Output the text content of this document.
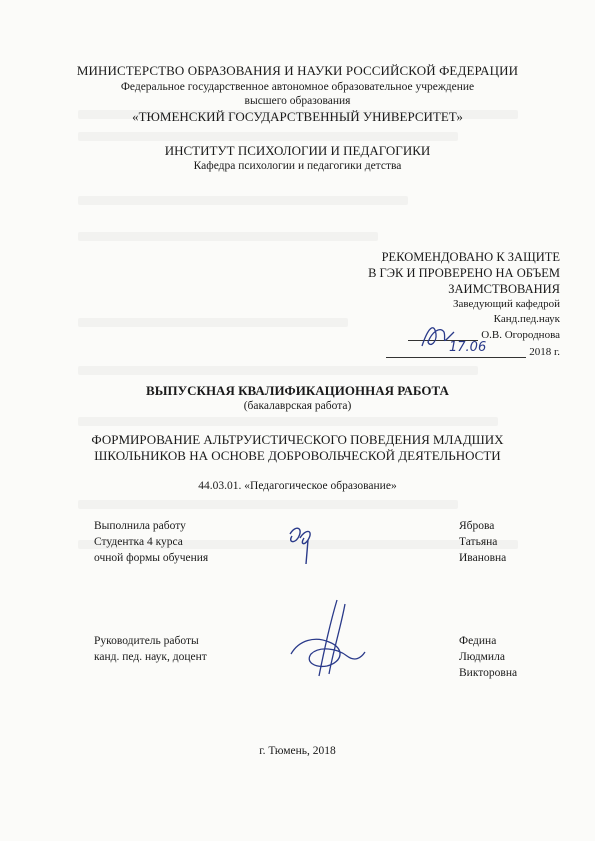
МИНИСТЕРСТВО ОБРАЗОВАНИЯ И НАУКИ РОССИЙСКОЙ ФЕДЕРАЦИИ
Федеральное государственное автономное образовательное учреждение
высшего образования
«ТЮМЕНСКИЙ ГОСУДАРСТВЕННЫЙ УНИВЕРСИТЕТ»
ИНСТИТУТ ПСИХОЛОГИИ И ПЕДАГОГИКИ
Кафедра психологии и педагогики детства
РЕКОМЕНДОВАНО К ЗАЩИТЕ
В ГЭК И ПРОВЕРЕНО НА ОБЪЕМ
ЗАИМСТВОВАНИЯ
Заведующий кафедрой
Канд.пед.наук
О.В. Огороднова
2018 г.
17.06
ВЫПУСКНАЯ КВАЛИФИКАЦИОННАЯ РАБОТА
(бакалаврская работа)
ФОРМИРОВАНИЕ АЛЬТРУИСТИЧЕСКОГО ПОВЕДЕНИЯ МЛАДШИХ
ШКОЛЬНИКОВ НА ОСНОВЕ ДОБРОВОЛЬЧЕСКОЙ ДЕЯТЕЛЬНОСТИ
44.03.01. «Педагогическое образование»
Выполнила работу
Студентка 4 курса
очной формы обучения
Яброва
Татьяна
Ивановна
Руководитель работы
канд. пед. наук, доцент
Федина
Людмила
Викторовна
г. Тюмень, 2018
